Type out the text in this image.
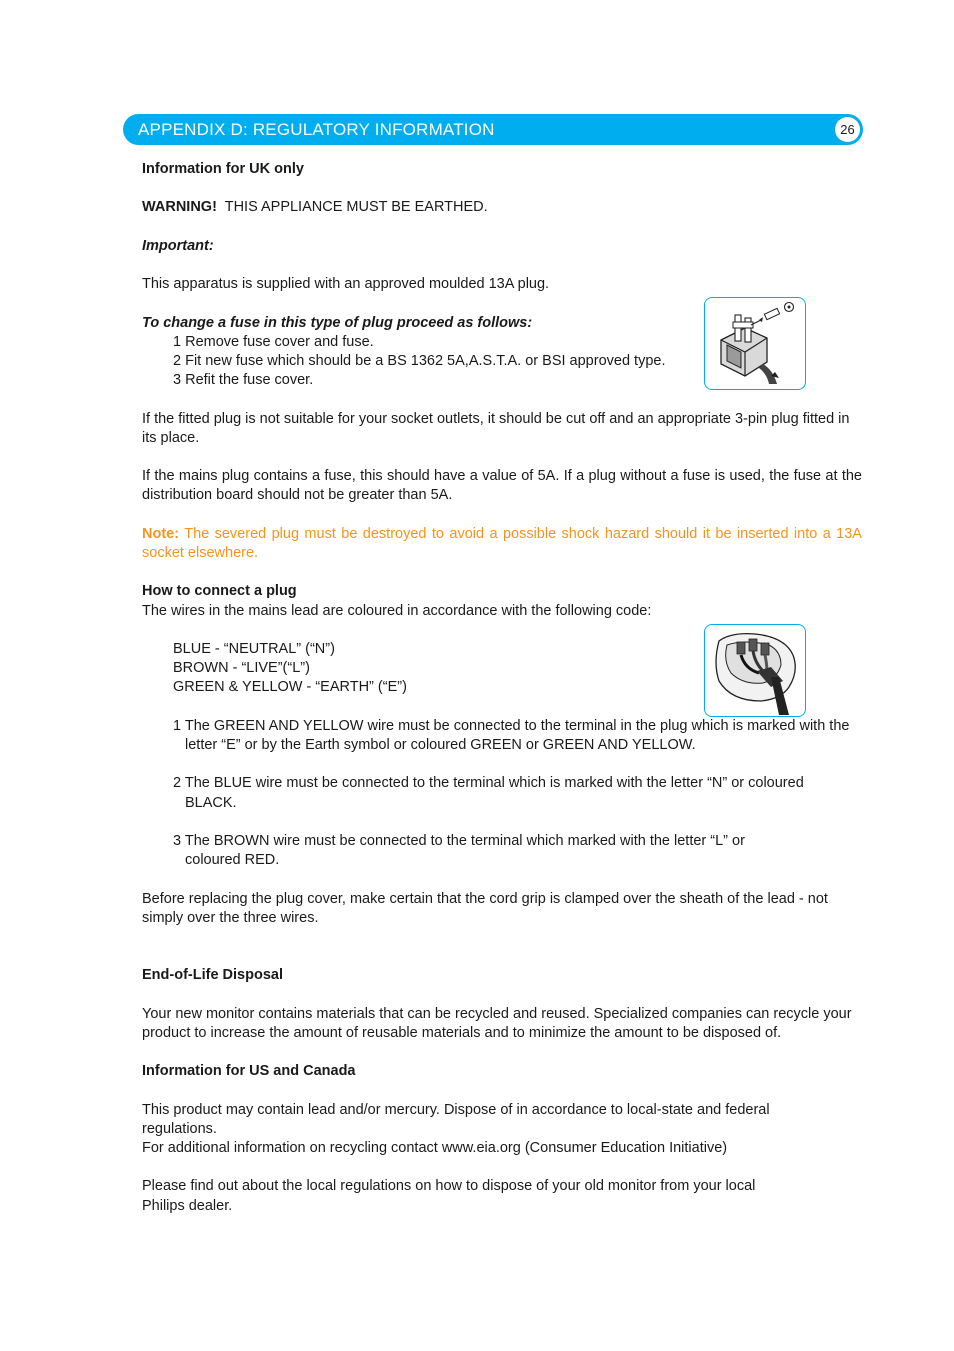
APPENDIX D: REGULATORY INFORMATION	26

Information for UK only

WARNING! THIS APPLIANCE MUST BE EARTHED.

Important:

This apparatus is supplied with an approved moulded 13A plug.

To change a fuse in this type of plug proceed as follows:

1 Remove fuse cover and fuse.

2 Fit new fuse which should be a BS 1362 5A,A.S.T.A. or BSI approved type.

3 Refit the fuse cover.

If the fitted plug is not suitable for your socket outlets, it should be cut off and an appropriate 3-pin plug fitted in its place.

If the mains plug contains a fuse, this should have a value of 5A. If a plug without a fuse is used, the fuse at the distribution board should not be greater than 5A.

Note: The severed plug must be destroyed to avoid a possible shock hazard should it be inserted into a 13A socket elsewhere.

How to connect a plug

The wires in the mains lead are coloured in accordance with the following code:

BLUE - “NEUTRAL” (“N”)

BROWN - “LIVE”(“L”)

GREEN & YELLOW - “EARTH” (“E”)

1 The GREEN AND YELLOW wire must be connected to the terminal in the plug which is marked with the letter “E” or by the Earth symbol or coloured GREEN or GREEN AND YELLOW.

2 The BLUE wire must be connected to the terminal which is marked with the letter “N” or coloured BLACK.

3 The BROWN wire must be connected to the terminal which marked with the letter “L” or coloured RED.

Before replacing the plug cover, make certain that the cord grip is clamped over the sheath of the lead - not simply over the three wires.

End-of-Life Disposal

Your new monitor contains materials that can be recycled and reused. Specialized companies can recycle your product to increase the amount of reusable materials and to minimize the amount to be disposed of.

Information for US and Canada

This product may contain lead and/or mercury. Dispose of in accordance to local-state and federal regulations.

For additional information on recycling contact www.eia.org (Consumer Education Initiative)

Please find out about the local regulations on how to dispose of your old monitor from your local Philips dealer.
